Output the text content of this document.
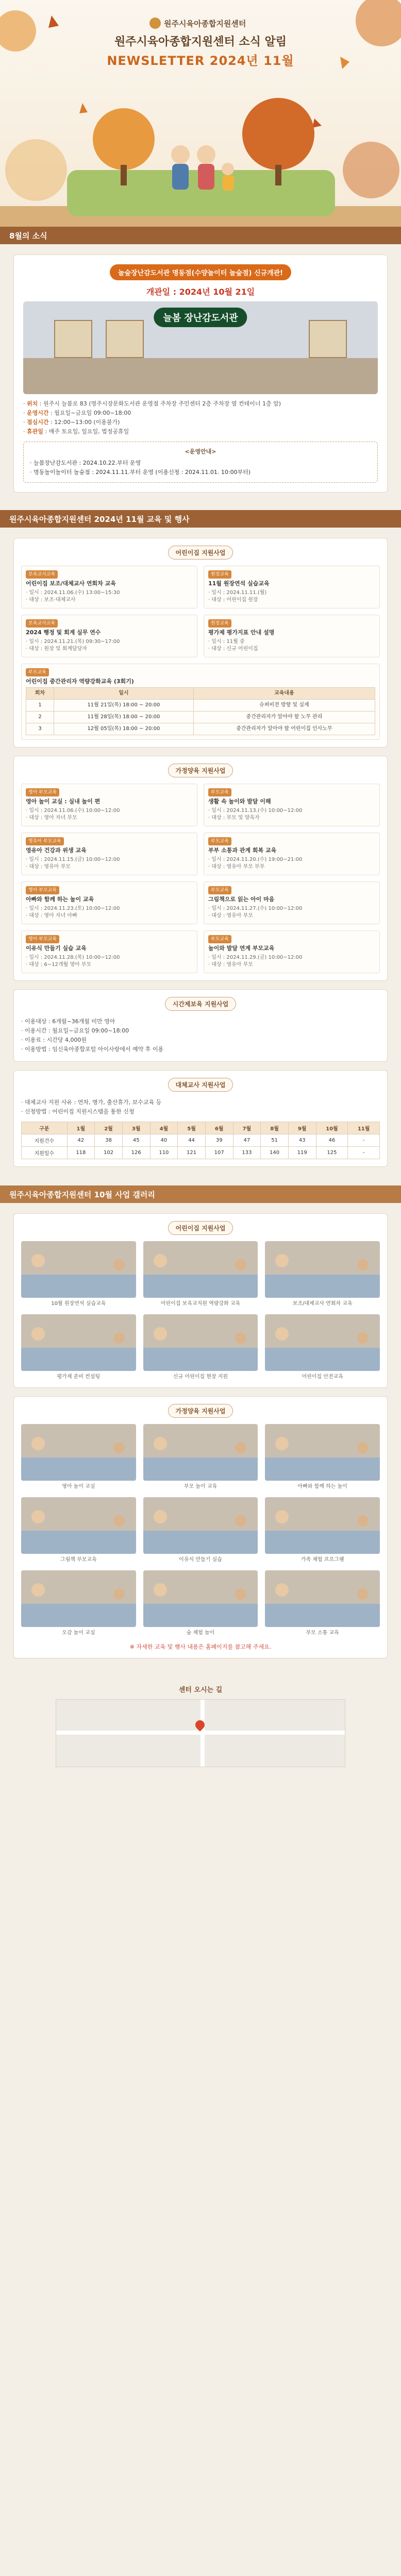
원주시육아종합지원센터
원주시육아종합지원센터 소식 알림
NEWSLETTER 2024년 11월
8월의 소식
놀숲장난감도서관 명동점(수양놀이터 놀숲점) 신규개관!
개관일 : 2024년 10월 21일
늘봄 장난감도서관
· 위치 : 원주시 늘봄로 83 (명주시장문화도서관 운영점 주차장 주민센터 2층 주차장 옆 컨테이너 1층 앞)
· 운영시간 : 월요일~금요일 09:00~18:00
· 점심시간 : 12:00~13:00 (이용불가)
· 휴관일 : 매주 토요일, 일요일, 법정공휴일
<운영안내>
· 늘봄장난감도서관 : 2024.10.22.부터 운영
· 명동놀이놀이터 놀숲점 : 2024.11.11.부터 운영 (이용신청 : 2024.11.01. 10:00부터)
원주시육아종합지원센터 2024년 11월 교육 및 행사
어린이집 지원사업
보육교사교육
어린이집 보조/대체교사 연회차 교육
· 일시 : 2024.11.06.(수) 13:00~15:30
· 대상 : 보조·대체교사
원장교육
11월 원장연석 실습교육
· 일시 : 2024.11.11.(월)
· 대상 : 어린이집 원장
보육교사교육
2024 행정 및 회계 실무 연수
· 일시 : 2024.11.21.(목) 09:30~17:00
· 대상 : 원장 및 회계담당자
원장교육
평가제 평가지표 안내 설명
· 일시 : 11월 중
· 대상 : 신규 어린이집
부모교육
어린이집 중간관리자 역량강화교육 (3회기)
회차	일시	교육내용
1	11월 21일(목) 18:00 ~ 20:00	슈퍼비전 방향 및 실제
2	11월 28일(목) 18:00 ~ 20:00	중간관리자가 알아야 할 노무 관리
3	12월 05일(목) 18:00 ~ 20:00	중간관리자가 알아야 할 어린이집 인사노무
가정양육 지원사업
영아 부모교육
영아 놀이 교실 : 실내 놀이 편
· 일시 : 2024.11.06.(수) 10:00~12:00
· 대상 : 영아 자녀 부모
부모교육
생활 속 놀이와 발달 이해
· 일시 : 2024.11.13.(수) 10:00~12:00
· 대상 : 부모 및 양육자
영유아 부모교육
영유아 건강과 위생 교육
· 일시 : 2024.11.15.(금) 10:00~12:00
· 대상 : 영유아 부모
부모교육
부부 소통과 관계 회복 교육
· 일시 : 2024.11.20.(수) 19:00~21:00
· 대상 : 영유아 부모 부부
영아 부모교육
아빠와 함께 하는 놀이 교육
· 일시 : 2024.11.23.(토) 10:00~12:00
· 대상 : 영아 자녀 아빠
부모교육
그림책으로 읽는 아이 마음
· 일시 : 2024.11.27.(수) 10:00~12:00
· 대상 : 영유아 부모
영아 부모교육
이유식 만들기 실습 교육
· 일시 : 2024.11.28.(목) 10:00~12:00
· 대상 : 6~12개월 영아 부모
부모교육
놀이와 발달 연계 부모교육
· 일시 : 2024.11.29.(금) 10:00~12:00
· 대상 : 영유아 부모
시간제보육 지원사업
· 이용대상 : 6개월~36개월 미만 영아
· 이용시간 : 월요일~금요일 09:00~18:00
· 이용료 : 시간당 4,000원
· 이용방법 : 임신육아종합포털 아이사랑에서 예약 후 이용
대체교사 지원사업
· 대체교사 지원 사유 : 연차, 병가, 출산휴가, 보수교육 등
· 신청방법 : 어린이집 지원시스템을 통한 신청
구분	1월	2월	3월	4월	5월	6월	7월	8월	9월	10월	11월
지원건수	42	38	45	40	44	39	47	51	43	46	-
지원일수	118	102	126	110	121	107	133	140	119	125	-
원주시육아종합지원센터 10월 사업 갤러리
어린이집 지원사업
10월 원장연석 실습교육	어린이집 보육교직원 역량강화 교육	보조/대체교사 연회차 교육
평가제 준비 컨설팅	신규 어린이집 현장 지원	어린이집 안전교육
가정양육 지원사업
영아 놀이 교실	부모 놀이 교육	아빠와 함께 하는 놀이
그림책 부모교육	이유식 만들기 실습	가족 체험 프로그램
오감 놀이 교실	숲 체험 놀이	부모 소통 교육
※ 자세한 교육 및 행사 내용은 홈페이지를 참고해 주세요.
센터 오시는 길
